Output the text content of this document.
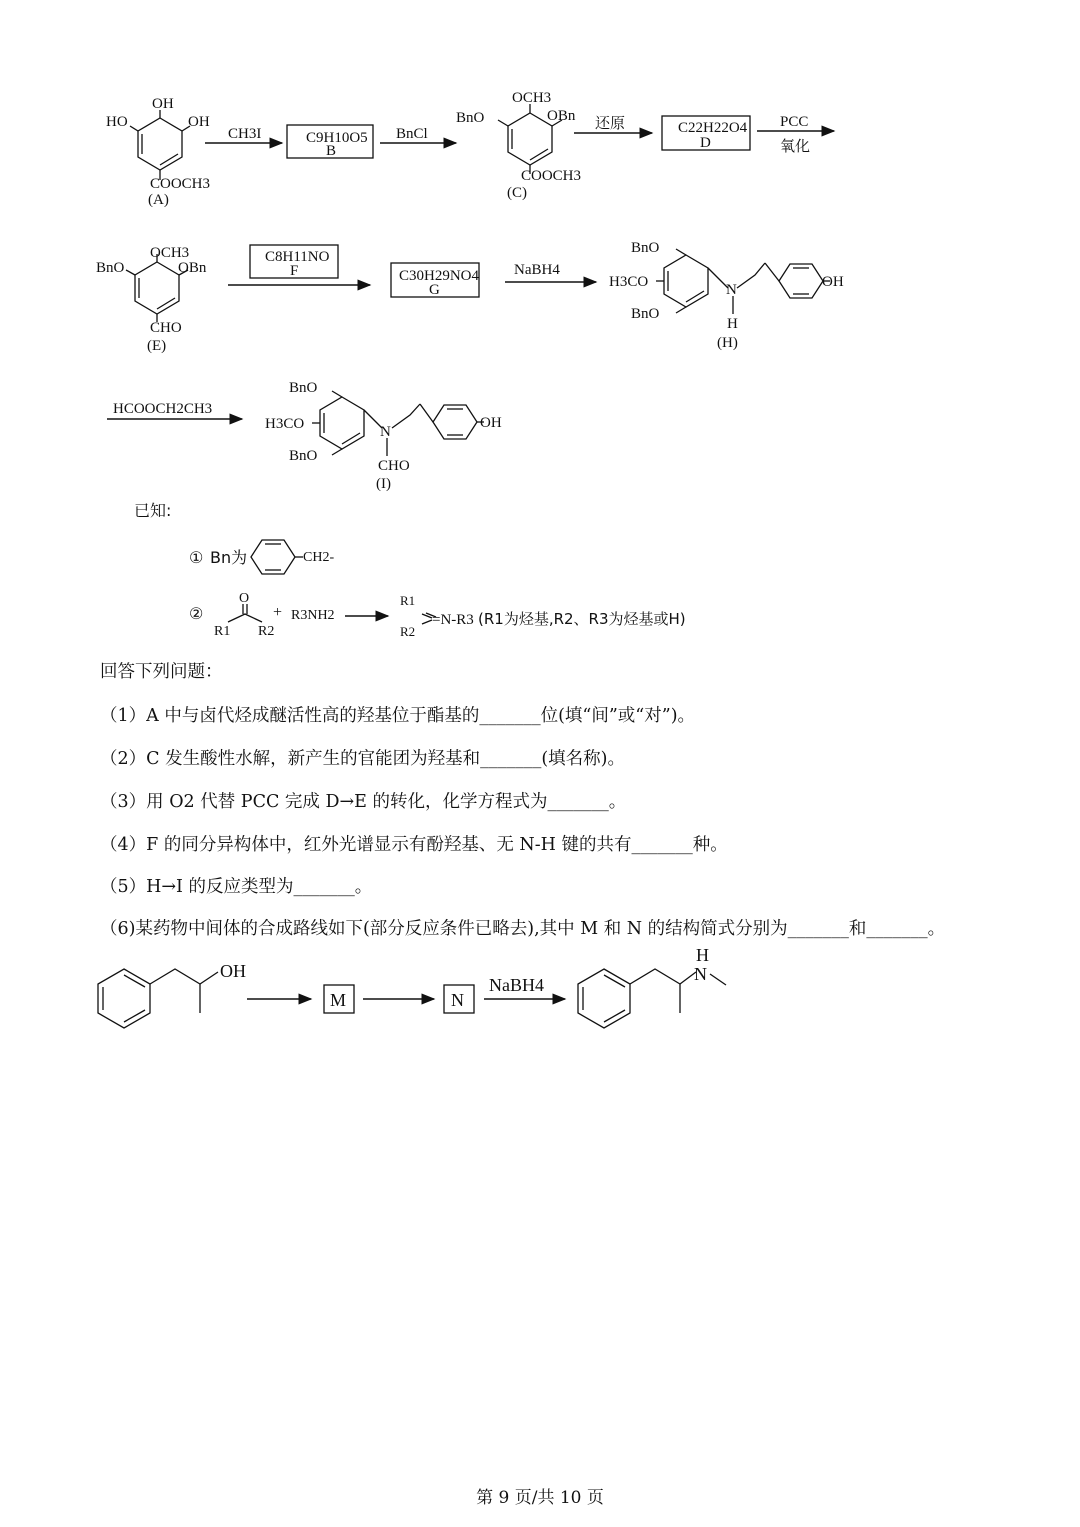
OH
HO	OH
COOCH3
(A)
CH3I	C9H10O5
B
BnCl
OCH3
BnO	OBn
COOCH3
(C)
还原	C22H22O4
D
PCC
氧化
OCH3
BnO	OBn
CHO
(E)
C8H11NO
F	C30H29NO4
G
NaBH4
BnO
H3CO
BnO
N
H
OH
(H)
HCOOCH2CH3
BnO
H3CO
BnO
N
CHO
OH
(I)
已知:
① Bn为	CH2-
②
O
R1 R2
+ R3NH2
R1
R2
=N-R3 (R1为烃基,R2、R3为烃基或H)
OH
M	N
NaBH4
H
N
回答下列问题：
（1）A 中与卤代烃成醚活性高的羟基位于酯基的_______位(填“间”或“对”)。
（2）C 发生酸性水解，新产生的官能团为羟基和_______(填名称)。
（3）用 O2 代替 PCC 完成 D→E 的转化，化学方程式为_______。
（4）F 的同分异构体中，红外光谱显示有酚羟基、无 N-H 键的共有_______种。
（5）H→I 的反应类型为_______。
（6)某药物中间体的合成路线如下(部分反应条件已略去),其中 M 和 N 的结构简式分别为_______和_______。
第 9 页/共 10 页
